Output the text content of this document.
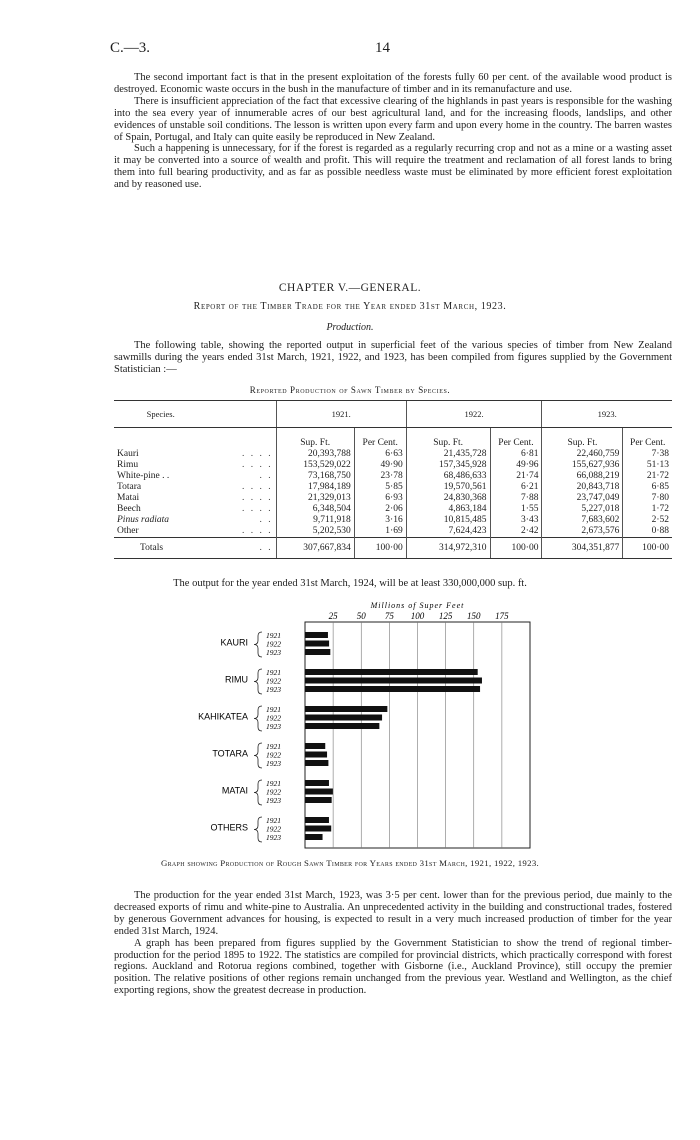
C.—3.	14

The second important fact is that in the present exploitation of the forests fully 60 per cent. of the available wood product is destroyed. Economic waste occurs in the bush in the manufacture of timber and in its remanufacture and use.

There is insufficient appreciation of the fact that excessive clearing of the highlands in past years is responsible for the washing into the sea every year of innumerable acres of our best agricultural land, and for the increasing floods, landslips, and other evidences of unstable soil conditions. The lesson is written upon every farm and upon every home in the country. The barren wastes of Spain, Portugal, and Italy can quite easily be reproduced in New Zealand.

Such a happening is unnecessary, for if the forest is regarded as a regularly recurring crop and not as a mine or a wasting asset it may be converted into a source of wealth and profit. This will require the treatment and reclamation of all forest lands to bring them into full bearing productivity, and as far as possible needless waste must be eliminated by more efficient forest exploitation and by reasoned use.

CHAPTER V.—GENERAL.
Report of the Timber Trade for the Year ended 31st March, 1923.
Production.

The following table, showing the reported output in superficial feet of the various species of timber from New Zealand sawmills during the years ended 31st March, 1921, 1922, and 1923, has been compiled from figures supplied by the Government Statistician :—

Reported Production of Sawn Timber by Species.
Species.		1921.		1922.		1923.	
		Sup. Ft.	Per Cent.	Sup. Ft.	Per Cent.	Sup. Ft.	Per Cent.
Kauri	. . . .	20,393,788	6·63	21,435,728	6·81	22,460,759	7·38
Rimu	. . . .	153,529,022	49·90	157,345,928	49·96	155,627,936	51·13
White-pine . .	. .	73,168,750	23·78	68,486,633	21·74	66,088,219	21·72
Totara	. . . .	17,984,189	5·85	19,570,561	6·21	20,843,718	6·85
Matai	. . . .	21,329,013	6·93	24,830,368	7·88	23,747,049	7·80
Beech	. . . .	6,348,504	2·06	4,863,184	1·55	5,227,018	1·72
Pinus radiata	. .	9,711,918	3·16	10,815,485	3·43	7,683,602	2·52
Other	. . . .	5,202,530	1·69	7,624,423	2·42	2,673,576	0·88
Totals	. .	307,667,834	100·00	314,972,310	100·00	304,351,877	100·00
The output for the year ended 31st March, 1924, will be at least 330,000,000 sup. ft.
Millions of Super Feet
25 50 75 100 125 150 175
KAURI
1921
1922
1923
RIMU
1921
1922
1923
KAHIKATEA
1921
1922
1923
TOTARA
1921
1922
1923
MATAI
1921
1922
1923
OTHERS
1921
1922
1923
Graph showing Production of Rough Sawn Timber for Years ended 31st March, 1921, 1922, 1923.

The production for the year ended 31st March, 1923, was 3·5 per cent. lower than for the previous period, due mainly to the decreased exports of rimu and white-pine to Australia. An unprecedented activity in the building and constructional trades, fostered by generous Government advances for housing, is expected to result in a very much increased production of timber for the year ended 31st March, 1924.

A graph has been prepared from figures supplied by the Government Statistician to show the trend of regional timber-production for the period 1895 to 1922. The statistics are compiled for provincial districts, which practically correspond with forest regions. Auckland and Rotorua regions combined, together with Gisborne (i.e., Auckland Province), still occupy the premier position. The relative positions of other regions remain unchanged from the previous year. Westland and Wellington, as the chief exporting regions, show the greatest decrease in production.
